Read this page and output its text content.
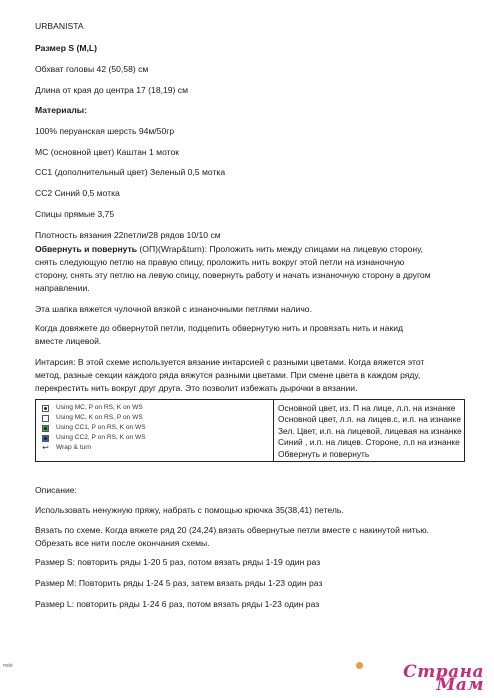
URBANISTA

Размер S (M,L)

Обхват головы 42 (50,58) см

Длина от края до центра 17 (18,19) см

Материалы:

100% перуанская шерсть 94м/50гр

MC (основной цвет) Каштан 1 моток

CC1 (дополнительный цвет) Зеленый 0,5 мотка

CC2 Синий 0,5 мотка

Спицы прямые 3,75

Плотность вязания 22петли/28 рядов 10/10 см

Обвернуть и повернуть (ОП)(Wrap&turn): Проложить нить между спицами на лицевую сторону,
снять следующую петлю на правую спицу, проложить нить вокруг этой петли на изнаночную
сторону, снять эту петлю на левую спицу, повернуть работу и начать изнаночную сторону в другом
направлении.

Эта шапка вяжется чулочной вязкой с изнаночными петлями наличо.

Когда довяжете до обвернутой петли, подцепить обвернутую нить и провязать нить и накид
вместе лицевой.
Интарсия: В этой схеме используется вязание интарсией с разными цветами. Когда вяжется этот
метод, разные секции каждого ряда вяжутся разными цветами. При смене цвета в каждом ряду,
перекрестить нить вокруг друг друга. Это позволит избежать дырочки в вязании.
Using MC, P on RS, K on WS
Using MC, K on RS, P on WS
Using CC1, P on RS, K on WS
Using CC2, P on RS, K on WS
↩ Wrap & turn
Основной цвет, из. П на лице, л.п. на изнанке
Основной цвет, л.п. на лицев.с, и.п. на изнанке
Зел. Цвет, и.п. на лицевой, лицевая на изнанке
Синий , и.п. на лицев. Стороне, л.п на изнанке
Обвернуть и повернуть

Описание:

Использовать ненужную пряжу, набрать с помощью крючка 35(38,41) петель.

Вязать по схеме. Когда вяжете ряд 20 (24,24) вязать обвернутые петли вместе с накинутой нитью.
Обрезать все нити после окончания схемы.

Размер S: повторить ряды 1-20 5 раз, потом вязать ряды 1-19 один раз

Размер М: Повторить ряды 1-24 5 раз, затем вязать ряды 1-23 один раз

Размер L: повторить ряды 1-24 6 раз, потом вязать ряды 1-23 один раз

mde	Страна Мам
